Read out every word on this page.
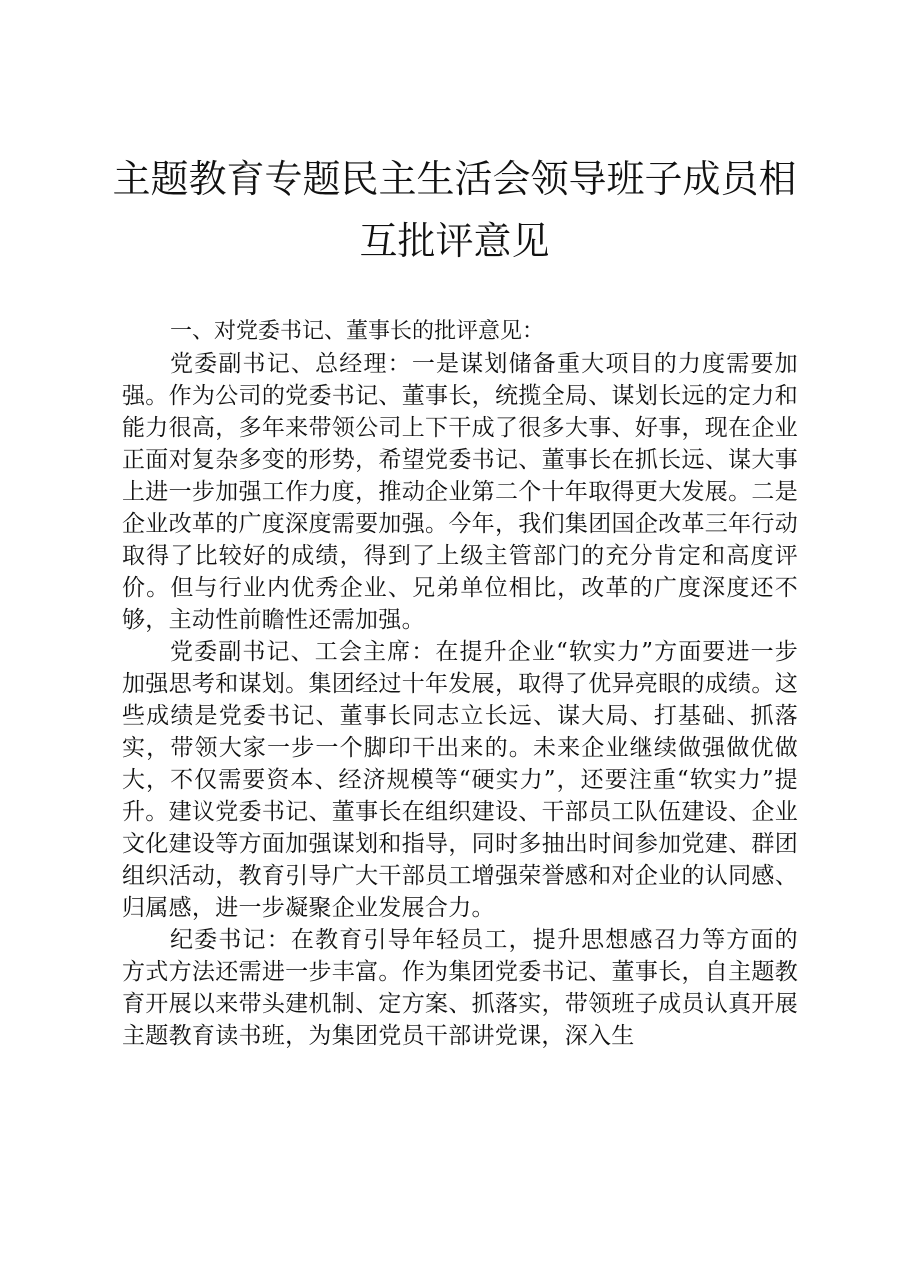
主题教育专题民主生活会领导班子成员相互批评意见

一、对党委书记、董事长的批评意见：

党委副书记、总经理：一是谋划储备重大项目的力度需要加强。作为公司的党委书记、董事长，统揽全局、谋划长远的定力和能力很高，多年来带领公司上下干成了很多大事、好事，现在企业正面对复杂多变的形势，希望党委书记、董事长在抓长远、谋大事上进一步加强工作力度，推动企业第二个十年取得更大发展。二是企业改革的广度深度需要加强。今年，我们集团国企改革三年行动取得了比较好的成绩，得到了上级主管部门的充分肯定和高度评价。但与行业内优秀企业、兄弟单位相比，改革的广度深度还不够，主动性前瞻性还需加强。

党委副书记、工会主席：在提升企业“软实力”方面要进一步加强思考和谋划。集团经过十年发展，取得了优异亮眼的成绩。这些成绩是党委书记、董事长同志立长远、谋大局、打基础、抓落实，带领大家一步一个脚印干出来的。未来企业继续做强做优做大，不仅需要资本、经济规模等“硬实力”，还要注重“软实力”提升。建议党委书记、董事长在组织建设、干部员工队伍建设、企业文化建设等方面加强谋划和指导，同时多抽出时间参加党建、群团组织活动，教育引导广大干部员工增强荣誉感和对企业的认同感、归属感，进一步凝聚企业发展合力。

纪委书记：在教育引导年轻员工，提升思想感召力等方面的方式方法还需进一步丰富。作为集团党委书记、董事长，自主题教育开展以来带头建机制、定方案、抓落实，带领班子成员认真开展主题教育读书班，为集团党员干部讲党课，深入生
